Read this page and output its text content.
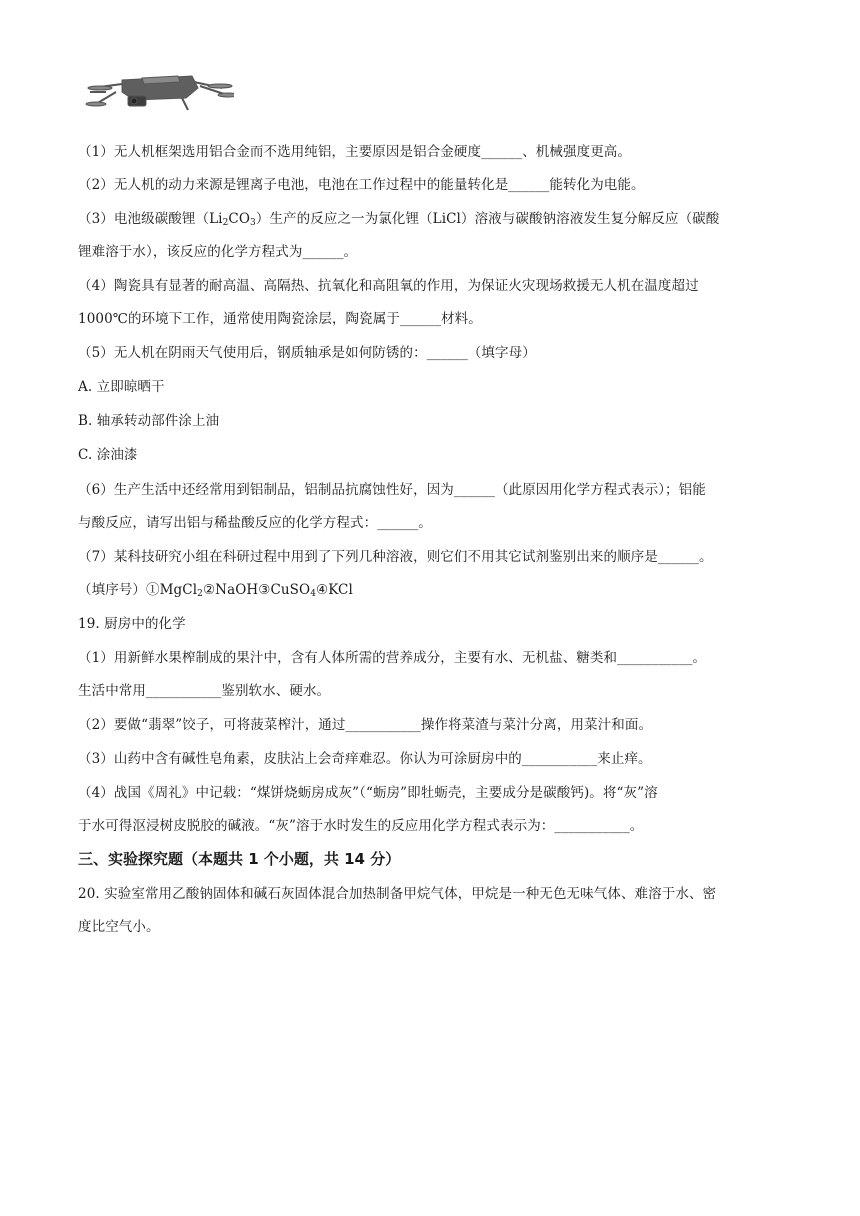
（1）无人机框架选用铝合金而不选用纯铝，主要原因是铝合金硬度______、机械强度更高。
（2）无人机的动力来源是锂离子电池，电池在工作过程中的能量转化是______能转化为电能。
（3）电池级碳酸锂$(Li_2CO_3)$生产的反应之一为氯化锂（LiCl）溶液与碳酸钠溶液发生复分解反应（碳酸
锂难溶于水），该反应的化学方程式为______。
（4）陶瓷具有显著的耐高温、高隔热、抗氧化和高阻氧的作用，为保证火灾现场救援无人机在温度超过
1000℃的环境下工作，通常使用陶瓷涂层，陶瓷属于______材料。
（5）无人机在阴雨天气使用后，钢质轴承是如何防锈的：______（填字母）
A. 立即晾晒干
B. 轴承转动部件涂上油
C. 涂油漆
（6）生产生活中还经常用到铝制品，铝制品抗腐蚀性好，因为______（此原因用化学方程式表示）；铝能
与酸反应，请写出铝与稀盐酸反应的化学方程式：______。
（7）某科技研究小组在科研过程中用到了下列几种溶液，则它们不用其它试剂鉴别出来的顺序是______。
（填序号）①MgCl$_2$②NaOH③CuSO$_4$④KCl
19. 厨房中的化学
（1）用新鲜水果榨制成的果汁中，含有人体所需的营养成分，主要有水、无机盐、糖类和___________。
生活中常用___________鉴别软水、硬水。
（2）要做“翡翠”饺子，可将菠菜榨汁，通过___________操作将菜渣与菜汁分离，用菜汁和面。
（3）山药中含有碱性皂角素，皮肤沾上会奇痒难忍。你认为可涂厨房中的___________来止痒。
（4）战国《周礼》中记载：“煤饼烧蛎房成灰”（“蛎房”即牡蛎壳，主要成分是碳酸钙)。将“灰”溶
于水可得沤浸树皮脱胶的碱液。“灰”溶于水时发生的反应用化学方程式表示为：___________。
三、实验探究题（本题共 1 个小题，共 14 分）
20. 实验室常用乙酸钠固体和碱石灰固体混合加热制备甲烷气体，甲烷是一种无色无味气体、难溶于水、密
度比空气小。
